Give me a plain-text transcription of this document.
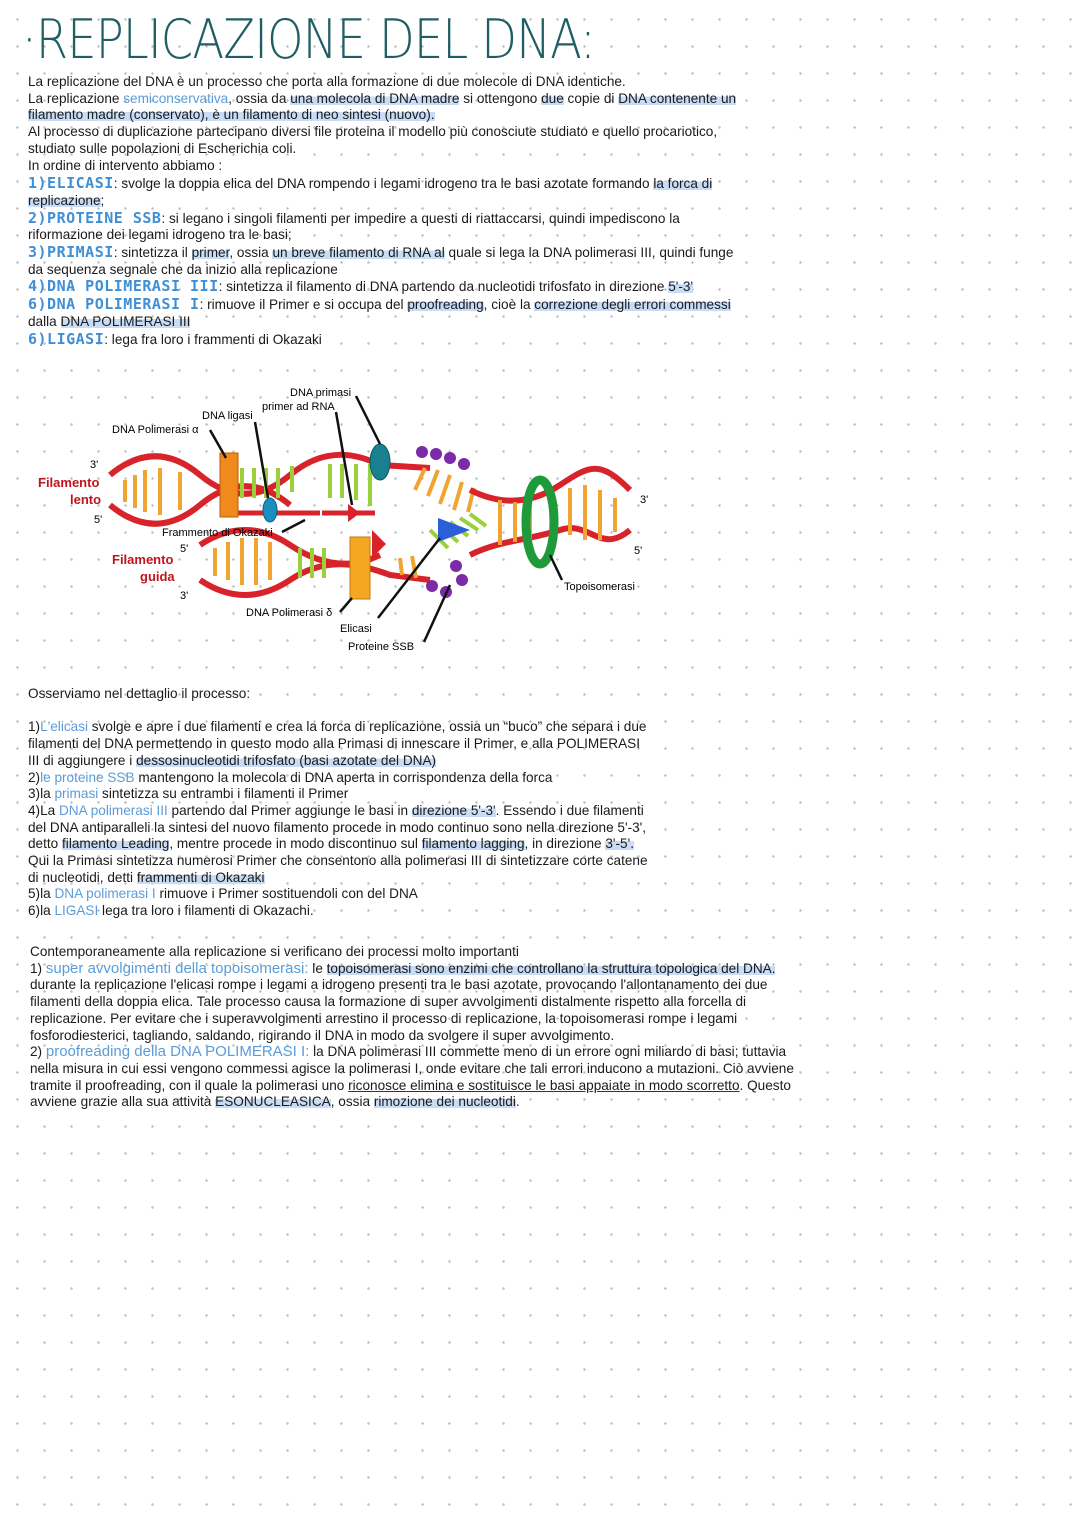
·REPLICAZIONE DEL DNA:

La replicazione del DNA è un processo che porta alla formazione di due molecole di DNA identiche.

La replicazione semiconservativa, ossia da una molecola di DNA madre si ottengono due copie di DNA contenente un

filamento madre (conservato), è un filamento di neo sintesi (nuovo).

Al processo di duplicazione partecipano diversi file proteina il modello più conosciute studiato e quello procariotico,

studiato sulle popolazioni di Escherichia coli.

In ordine di intervento abbiamo :

1)ELICASI: svolge la doppia elica del DNA rompendo i legami idrogeno tra le basi azotate formando la forca di

replicazione;

2)PROTEINE SSB: si legano i singoli filamenti per impedire a questi di riattaccarsi, quindi impediscono la

riformazione dei legami idrogeno tra le basi;

3)PRIMASI: sintetizza il primer, ossia un breve filamento di RNA al quale si lega la DNA polimerasi III, quindi funge

da sequenza segnale che da inizio alla replicazione

4)DNA POLIMERASI III: sintetizza il filamento di DNA partendo da nucleotidi trifosfato in direzione 5'-3'

6)DNA POLIMERASI I: rimuove il Primer e si occupa del proofreading, cioè la correzione degli errori commessi

dalla DNA POLIMERASI III

6)LIGASI: lega fra loro i frammenti di Okazaki

DNA primasi
primer ad RNA
DNA ligasi
DNA Polimerasi α
3'
Filamento
lento
5'
Frammento di Okazaki
5'
Filamento
guida
3'
DNA Polimerasi δ
Elicasi
Proteine SSB
Topoisomerasi
3'
5'

Osserviamo nel dettaglio il processo:

1)L'elicasi svolge e apre i due filamenti e crea la forca di replicazione, ossia un “buco” che separa i due

filamenti del DNA permettendo in questo modo alla Primasi di innescare il Primer, e alla POLIMERASI

III di aggiungere i dessosinucleotidi trifosfato (basi azotate del DNA)

2)le proteine SSB mantengono la molecola di DNA aperta in corrispondenza della forca

3)la primasi sintetizza su entrambi i filamenti il Primer

4)La DNA polimerasi III partendo dal Primer aggiunge le basi in direzione 5'-3'. Essendo i due filamenti

del DNA antiparalleli la sintesi del nuovo filamento procede in modo continuo sono nella direzione 5'-3',

detto filamento Leading, mentre procede in modo discontinuo sul filamento lagging, in direzione 3'-5'.

Qui la Primasi sintetizza numerosi Primer che consentono alla polimerasi III di sintetizzare corte catene

di nucleotidi, detti frammenti di Okazaki

5)la DNA polimerasi I rimuove i Primer sostituendoli con del DNA

6)la LIGASI lega tra loro i filamenti di Okazachi.

Contemporaneamente alla replicazione si verificano dei processi molto importanti

1) super avvolgimenti della topoisomerasi: le topoisomerasi sono enzimi che controllano la struttura topologica del DNA.

durante la replicazione l'elicasi rompe i legami a idrogeno presenti tra le basi azotate, provocando l'allontanamento dei due

filamenti della doppia elica. Tale processo causa la formazione di super avvolgimenti distalmente rispetto alla forcella di

replicazione. Per evitare che i superavvolgimenti arrestino il processo di replicazione, la topoisomerasi rompe i legami

fosforodiesterici, tagliando, saldando, rigirando il DNA in modo da svolgere il super avvolgimento.

2) proofreading della DNA POLIMERASI I: la DNA polimerasi III commette meno di un errore ogni miliardo di basi; tuttavia

nella misura in cui essi vengono commessi agisce la polimerasi I, onde evitare che tali errori inducono a mutazioni. Ciò avviene

tramite il proofreading, con il quale la polimerasi uno riconosce elimina e sostituisce le basi appaiate in modo scorretto. Questo

avviene grazie alla sua attività ESONUCLEASICA, ossia rimozione dei nucleotidi.
